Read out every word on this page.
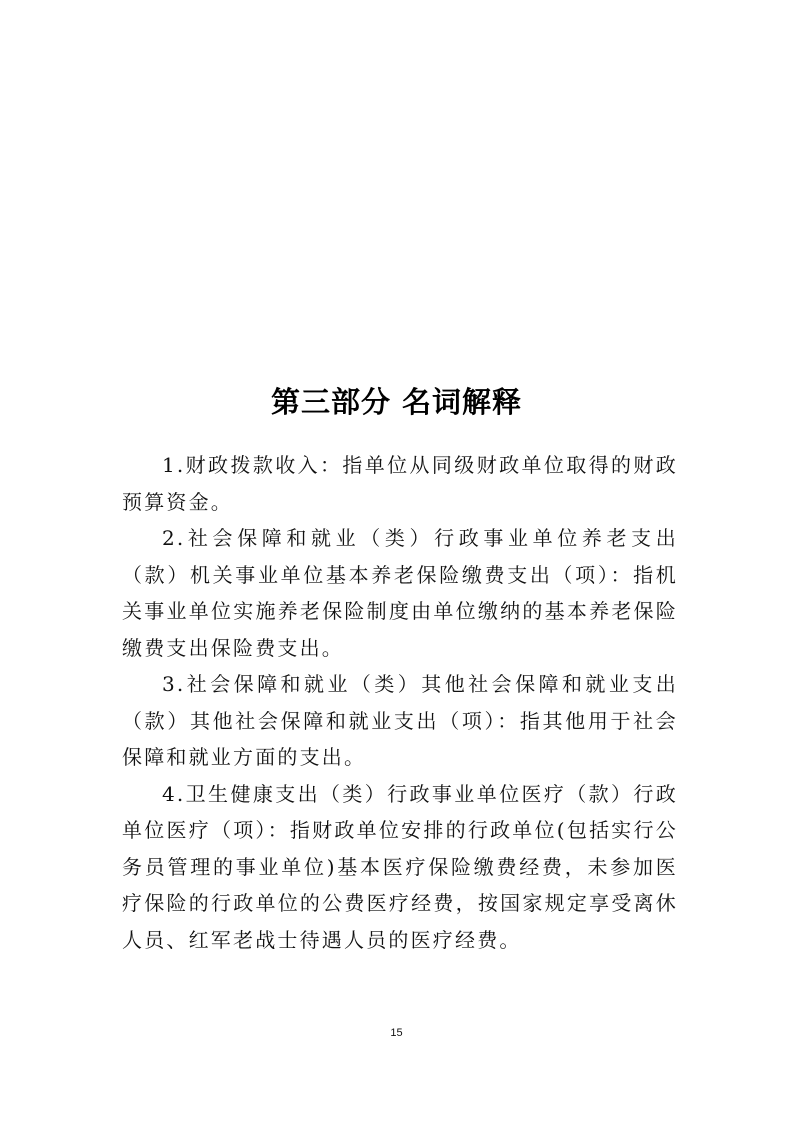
第三部分 名词解释

1.财政拨款收入：指单位从同级财政单位取得的财政预算资金。

2.社会保障和就业（类）行政事业单位养老支出（款）机关事业单位基本养老保险缴费支出（项）：指机关事业单位实施养老保险制度由单位缴纳的基本养老保险缴费支出保险费支出。

3.社会保障和就业（类）其他社会保障和就业支出（款）其他社会保障和就业支出（项）：指其他用于社会保障和就业方面的支出。

4.卫生健康支出（类）行政事业单位医疗（款）行政单位医疗（项）：指财政单位安排的行政单位(包括实行公务员管理的事业单位)基本医疗保险缴费经费，未参加医疗保险的行政单位的公费医疗经费，按国家规定享受离休人员、红军老战士待遇人员的医疗经费。

15
